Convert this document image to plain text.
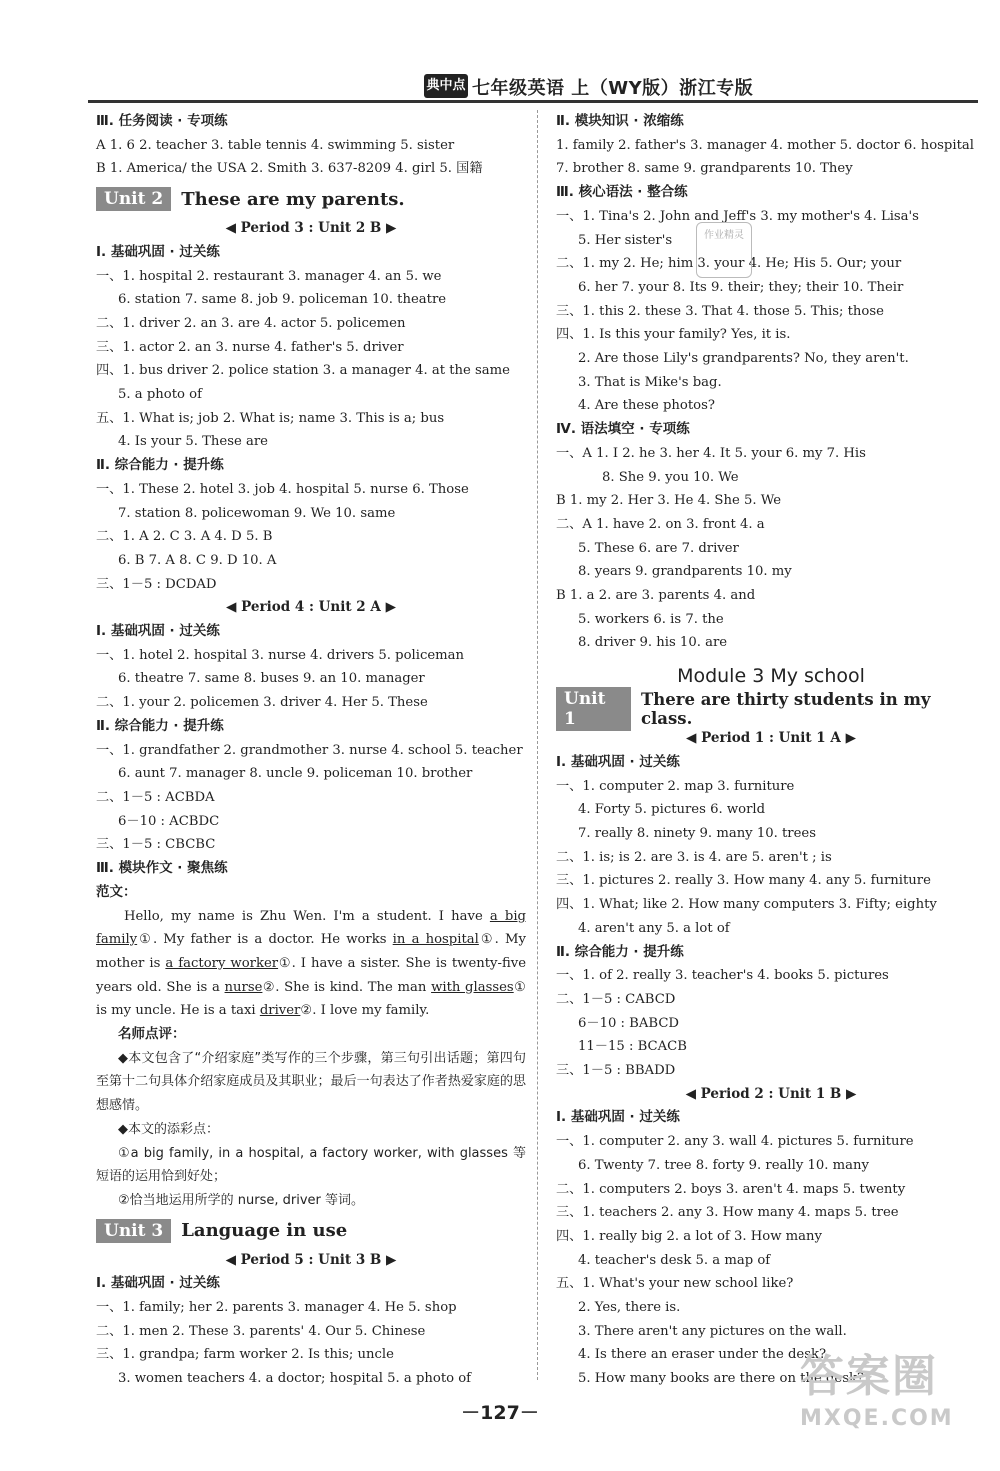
典中点 七年级英语 上（WY版）浙江专版
Ⅲ. 任务阅读 · 专项练
A 1. 6 2. teacher 3. table tennis 4. swimming 5. sister
B 1. America/ the USA 2. Smith 3. 637-8209 4. girl 5. 国籍
Unit 2	These are my parents.
◀ Period 3 : Unit 2 B ▶
Ⅰ. 基础巩固 · 过关练
一、1. hospital 2. restaurant 3. manager 4. an 5. we
6. station 7. same 8. job 9. policeman 10. theatre
二、1. driver 2. an 3. are 4. actor 5. policemen
三、1. actor 2. an 3. nurse 4. father's 5. driver
四、1. bus driver 2. police station 3. a manager 4. at the same
5. a photo of
五、1. What is; job 2. What is; name 3. This is a; bus
4. Is your 5. These are
Ⅱ. 综合能力 · 提升练
一、1. These 2. hotel 3. job 4. hospital 5. nurse 6. Those
7. station 8. policewoman 9. We 10. same
二、1. A 2. C 3. A 4. D 5. B
6. B 7. A 8. C 9. D 10. A
三、1－5 : DCDAD
◀ Period 4 : Unit 2 A ▶
Ⅰ. 基础巩固 · 过关练
一、1. hotel 2. hospital 3. nurse 4. drivers 5. policeman
6. theatre 7. same 8. buses 9. an 10. manager
二、1. your 2. policemen 3. driver 4. Her 5. These
Ⅱ. 综合能力 · 提升练
一、1. grandfather 2. grandmother 3. nurse 4. school 5. teacher
6. aunt 7. manager 8. uncle 9. policeman 10. brother
二、1－5 : ACBDA
6－10 : ACBDC
三、1－5 : CBCBC
Ⅲ. 模块作文 · 聚焦练
范文：
Hello, my name is Zhu Wen. I'm a student. I have a big family①. My father is a doctor. He works in a hospital①. My mother is a factory worker①. I have a sister. She is twenty-five years old. She is a nurse②. She is kind. The man with glasses① is my uncle. He is a taxi driver②. I love my family.
名师点评：
◆本文包含了“介绍家庭”类写作的三个步骤，第三句引出话题；第四句至第十二句具体介绍家庭成员及其职业；最后一句表达了作者热爱家庭的思想感情。
◆本文的添彩点：
①a big family, in a hospital, a factory worker, with glasses 等短语的运用恰到好处；
②恰当地运用所学的 nurse, driver 等词。
Unit 3	Language in use
◀ Period 5 : Unit 3 B ▶
Ⅰ. 基础巩固 · 过关练
一、1. family; her 2. parents 3. manager 4. He 5. shop
二、1. men 2. These 3. parents' 4. Our 5. Chinese
三、1. grandpa; farm worker 2. Is this; uncle
3. women teachers 4. a doctor; hospital 5. a photo of
Ⅱ. 模块知识 · 浓缩练
1. family 2. father's 3. manager 4. mother 5. doctor 6. hospital
7. brother 8. same 9. grandparents 10. They
Ⅲ. 核心语法 · 整合练
一、1. Tina's 2. John and Jeff's 3. my mother's 4. Lisa's
5. Her sister's
二、1. my 2. He; him 3. your 4. He; His 5. Our; your
6. her 7. your 8. Its 9. their; they; their 10. Their
三、1. this 2. these 3. That 4. those 5. This; those
四、1. Is this your family? Yes, it is.
2. Are those Lily's grandparents? No, they aren't.
3. That is Mike's bag.
4. Are these photos?
Ⅳ. 语法填空 · 专项练
一、A 1. I 2. he 3. her 4. It 5. your 6. my 7. His
8. She 9. you 10. We
B 1. my 2. Her 3. He 4. She 5. We
二、A 1. have 2. on 3. front 4. a
5. These 6. are 7. driver
8. years 9. grandparents 10. my
B 1. a 2. are 3. parents 4. and
5. workers 6. is 7. the
8. driver 9. his 10. are
Module 3 My school
Unit 1
There are thirty students in my class.
◀ Period 1 : Unit 1 A ▶
Ⅰ. 基础巩固 · 过关练
一、1. computer 2. map 3. furniture
4. Forty 5. pictures 6. world
7. really 8. ninety 9. many 10. trees
二、1. is; is 2. are 3. is 4. are 5. aren't ; is
三、1. pictures 2. really 3. How many 4. any 5. furniture
四、1. What; like 2. How many computers 3. Fifty; eighty
4. aren't any 5. a lot of
Ⅱ. 综合能力 · 提升练
一、1. of 2. really 3. teacher's 4. books 5. pictures
二、1－5 : CABCD
6－10 : BABCD
11－15 : BCACB
三、1－5 : BBADD
◀ Period 2 : Unit 1 B ▶
Ⅰ. 基础巩固 · 过关练
一、1. computer 2. any 3. wall 4. pictures 5. furniture
6. Twenty 7. tree 8. forty 9. really 10. many
二、1. computers 2. boys 3. aren't 4. maps 5. twenty
三、1. teachers 2. any 3. How many 4. maps 5. tree
四、1. really big 2. a lot of 3. How many
4. teacher's desk 5. a map of
五、1. What's your new school like?
2. Yes, there is.
3. There aren't any pictures on the wall.
4. Is there an eraser under the desk?
5. How many books are there on the desk?
作业精灵
－127－
答案圈
MXQE.COM
